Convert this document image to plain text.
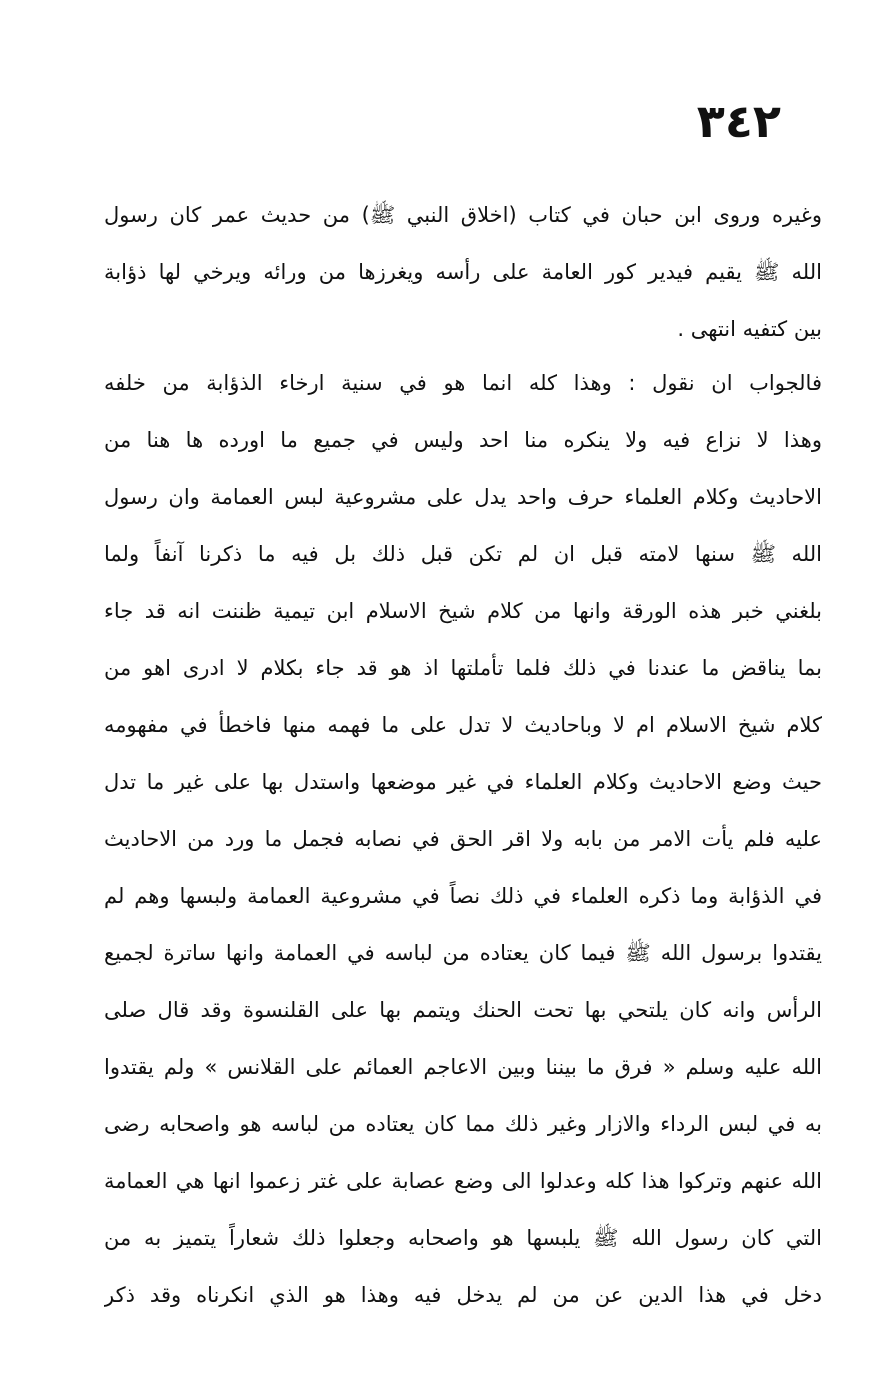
٣٤٢
وغيره وروى ابن حبان في كتاب (اخلاق النبي ﷺ) من حديث عمر كان رسول
الله ﷺ يقيم فيدير كور العامة على رأسه ويغرزها من ورائه ويرخي لها ذؤابة
بين كتفيه انتهى .
فالجواب ان نقول : وهذا كله انما هو في سنية ارخاء الذؤابة من خلفه
وهذا لا نزاع فيه ولا ينكره منا احد وليس في جميع ما اورده ها هنا من
الاحاديث وكلام العلماء حرف واحد يدل على مشروعية لبس العمامة وان رسول
الله ﷺ سنها لامته قبل ان لم تكن قبل ذلك بل فيه ما ذكرنا آنفاً ولما
بلغني خبر هذه الورقة وانها من كلام شيخ الاسلام ابن تيمية ظننت انه قد جاء
بما يناقض ما عندنا في ذلك فلما تأملتها اذ هو قد جاء بكلام لا ادرى اهو من
كلام شيخ الاسلام ام لا وباحاديث لا تدل على ما فهمه منها فاخطأ في مفهومه
حيث وضع الاحاديث وكلام العلماء في غير موضعها واستدل بها على غير ما تدل
عليه فلم يأت الامر من بابه ولا اقر الحق في نصابه فجمل ما ورد من الاحاديث
في الذؤابة وما ذكره العلماء في ذلك نصاً في مشروعية العمامة ولبسها وهم لم
يقتدوا برسول الله ﷺ فيما كان يعتاده من لباسه في العمامة وانها ساترة لجميع
الرأس وانه كان يلتحي بها تحت الحنك ويتمم بها على القلنسوة وقد قال صلى
الله عليه وسلم « فرق ما بيننا وبين الاعاجم العمائم على القلانس » ولم يقتدوا
به في لبس الرداء والازار وغير ذلك مما كان يعتاده من لباسه هو واصحابه رضى
الله عنهم وتركوا هذا كله وعدلوا الى وضع عصابة على غتر زعموا انها هي العمامة
التي كان رسول الله ﷺ يلبسها هو واصحابه وجعلوا ذلك شعاراً يتميز به من
دخل في هذا الدين عن من لم يدخل فيه وهذا هو الذي انكرناه وقد ذكر
